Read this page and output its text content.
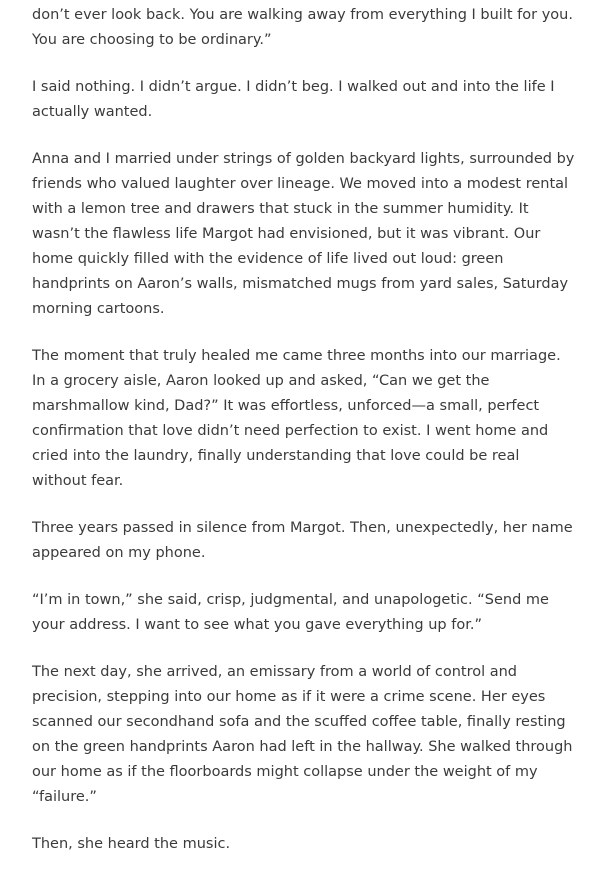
don’t ever look back. You are walking away from everything I built for you. You are choosing to be ordinary.”

I said nothing. I didn’t argue. I didn’t beg. I walked out and into the life I actually wanted.

Anna and I married under strings of golden backyard lights, surrounded by friends who valued laughter over lineage. We moved into a modest rental with a lemon tree and drawers that stuck in the summer humidity. It wasn’t the flawless life Margot had envisioned, but it was vibrant. Our home quickly filled with the evidence of life lived out loud: green handprints on Aaron’s walls, mismatched mugs from yard sales, Saturday morning cartoons.

The moment that truly healed me came three months into our marriage. In a grocery aisle, Aaron looked up and asked, “Can we get the marshmallow kind, Dad?” It was effortless, unforced—a small, perfect confirmation that love didn’t need perfection to exist. I went home and cried into the laundry, finally understanding that love could be real without fear.

Three years passed in silence from Margot. Then, unexpectedly, her name appeared on my phone.

“I’m in town,” she said, crisp, judgmental, and unapologetic. “Send me your address. I want to see what you gave everything up for.”

The next day, she arrived, an emissary from a world of control and precision, stepping into our home as if it were a crime scene. Her eyes scanned our secondhand sofa and the scuffed coffee table, finally resting on the green handprints Aaron had left in the hallway. She walked through our home as if the floorboards might collapse under the weight of my “failure.”

Then, she heard the music.
